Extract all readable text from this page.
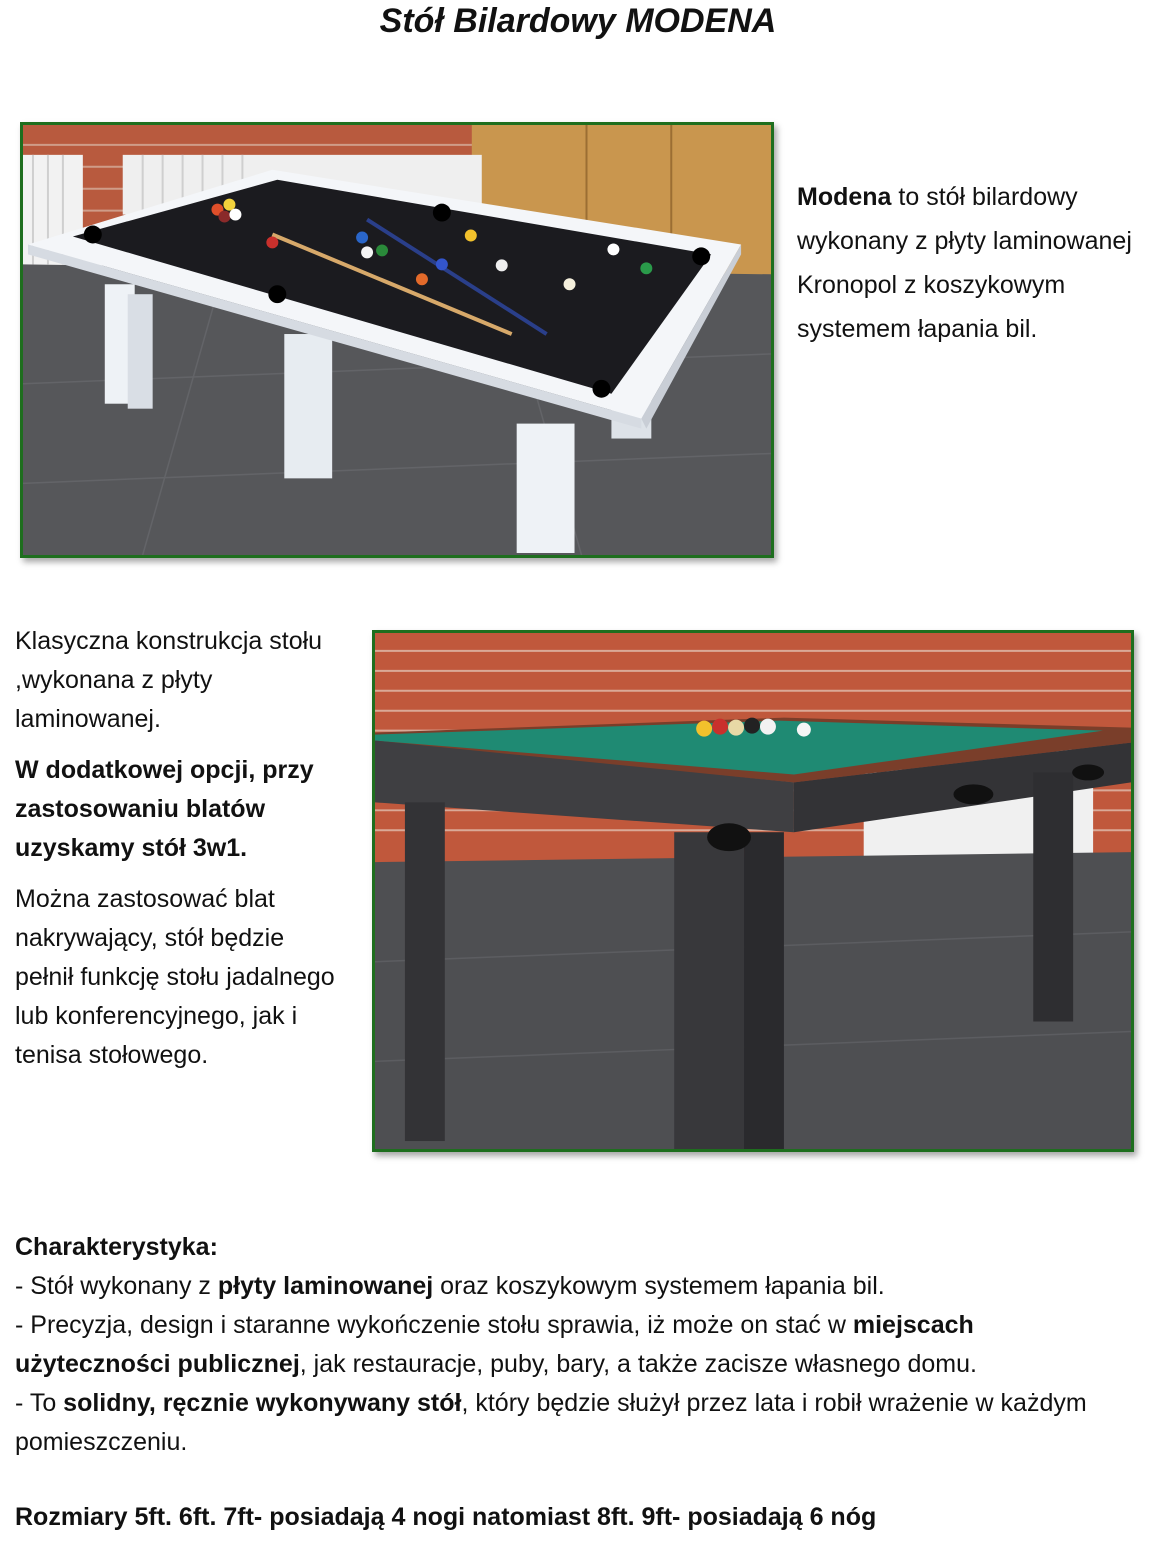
Stół Bilardowy MODENA
Modena to stół bilardowy wykonany z płyty laminowanej Kronopol z koszykowym systemem łapania bil.

Klasyczna konstrukcja stołu ,wykonana z płyty laminowanej.

W dodatkowej opcji, przy zastosowaniu blatów uzyskamy stół 3w1.

Można zastosować blat nakrywający, stół będzie pełnił funkcję stołu jadalnego lub konferencyjnego, jak i tenisa stołowego.

Charakterystyka:

- Stół wykonany z płyty laminowanej oraz koszykowym systemem łapania bil.

- Precyzja, design i staranne wykończenie stołu sprawia, iż może on stać w miejscach użyteczności publicznej, jak restauracje, puby, bary, a także zacisze własnego domu.

- To solidny, ręcznie wykonywany stół, który będzie służył przez lata i robił wrażenie w każdym pomieszczeniu.

Rozmiary 5ft. 6ft. 7ft- posiadają 4 nogi natomiast 8ft. 9ft- posiadają 6 nóg
